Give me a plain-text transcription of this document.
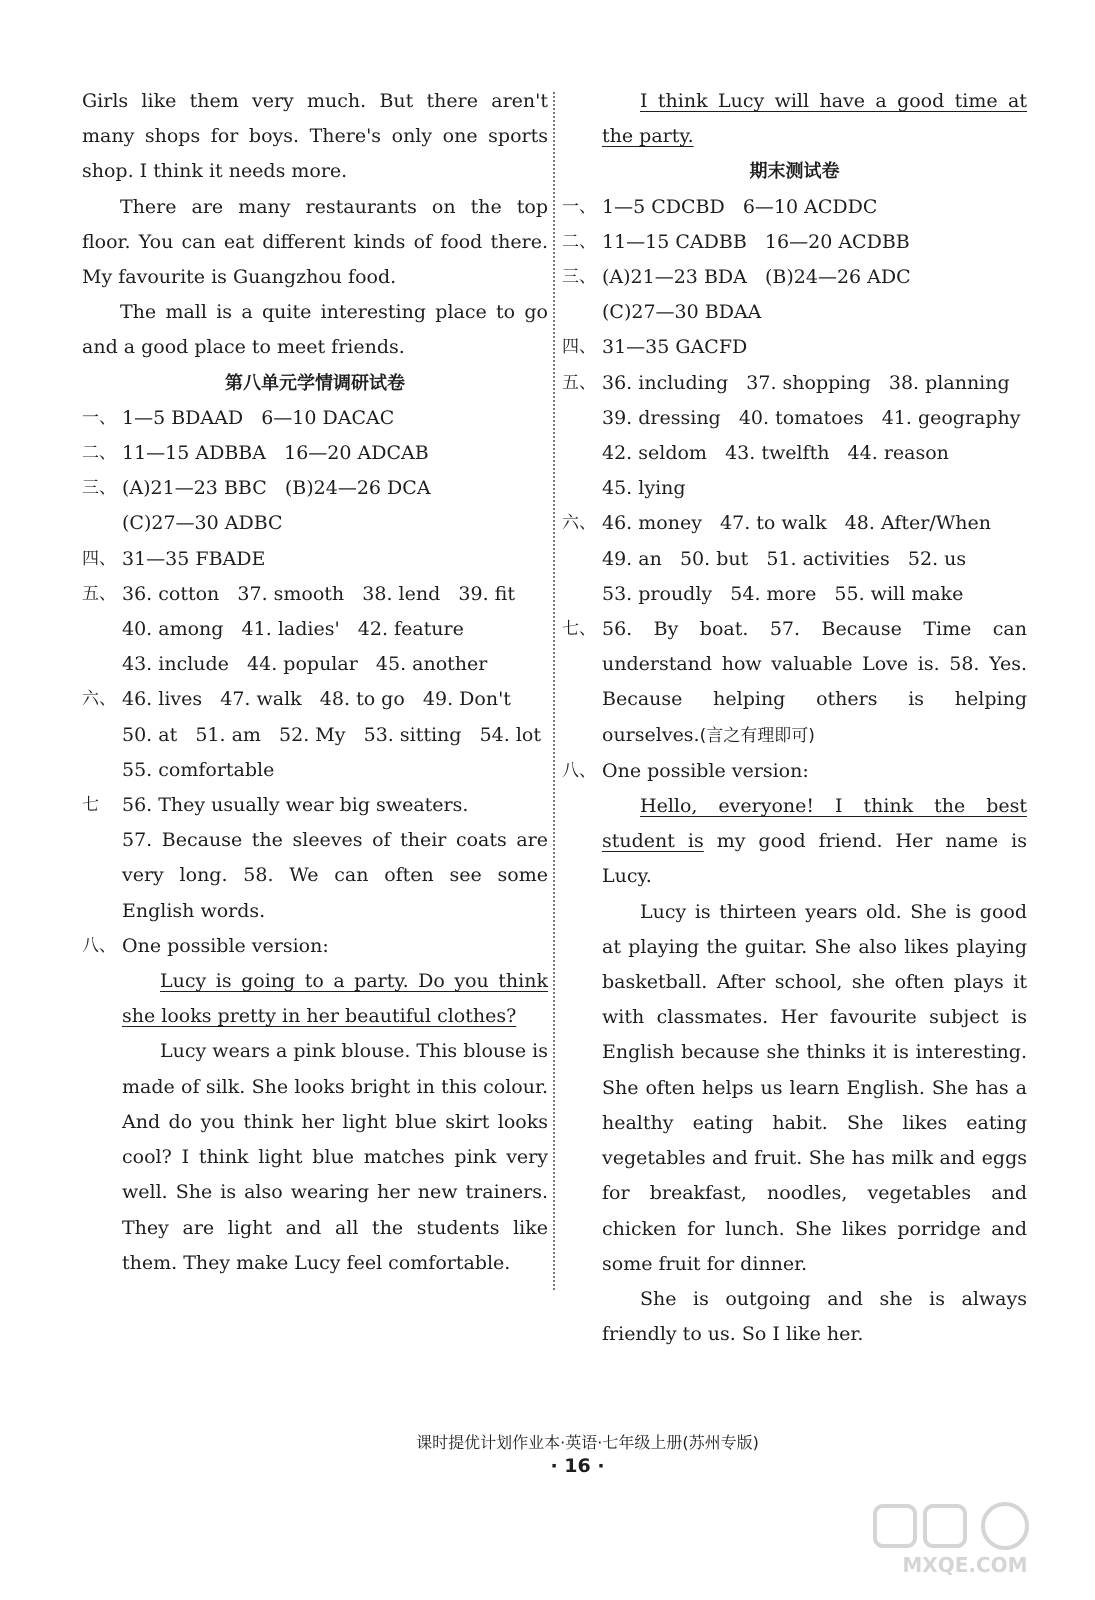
Girls like them very much. But there aren't many shops for boys. There's only one sports shop. I think it needs more.

There are many restaurants on the top floor. You can eat different kinds of food there. My favourite is Guangzhou food.

The mall is a quite interesting place to go and a good place to meet friends.

第八单元学情调研试卷

一、 1—5 BDAAD   6—10 DACAC
二、 11—15 ADBBA   16—20 ADCAB
三、 (A)21—23 BBC   (B)24—26 DCA
(C)27—30 ADBC
四、 31—35 FBADE
五、 36. cotton   37. smooth   38. lend   39. fit
40. among   41. ladies'   42. feature
43. include   44. popular   45. another
六、 46. lives   47. walk   48. to go   49. Don't
50. at   51. am   52. My   53. sitting   54. lot
55. comfortable
七	56. They usually wear big sweaters.
57. Because the sleeves of their coats are very long. 58. We can often see some English words.
八、 One possible version:

Lucy is going to a party. Do you think she looks pretty in her beautiful clothes?

Lucy wears a pink blouse. This blouse is made of silk. She looks bright in this colour. And do you think her light blue skirt looks cool? I think light blue matches pink very well. She is also wearing her new trainers. They are light and all the students like them. They make Lucy feel comfortable.

I think Lucy will have a good time at the party.

期末测试卷

一、 1—5 CDCBD   6—10 ACDDC
二、 11—15 CADBB   16—20 ACDBB
三、 (A)21—23 BDA   (B)24—26 ADC
(C)27—30 BDAA
四、 31—35 GACFD
五、 36. including   37. shopping   38. planning
39. dressing   40. tomatoes   41. geography
42. seldom   43. twelfth   44. reason
45. lying
六、 46. money   47. to walk   48. After/When
49. an   50. but   51. activities   52. us
53. proudly   54. more   55. will make
七、 56. By boat. 57. Because Time can understand how valuable Love is. 58. Yes. Because helping others is helping ourselves.(言之有理即可)
八、 One possible version:

Hello, everyone! I think the best student is my good friend. Her name is Lucy.

Lucy is thirteen years old. She is good at playing the guitar. She also likes playing basketball. After school, she often plays it with classmates. Her favourite subject is English because she thinks it is interesting. She often helps us learn English. She has a healthy eating habit. She likes eating vegetables and fruit. She has milk and eggs for breakfast, noodles, vegetables and chicken for lunch. She likes porridge and some fruit for dinner.

She is outgoing and she is always friendly to us. So I like her.

课时提优计划作业本·英语·七年级上册(苏州专版)
· 16 ·
MXQE.COM
